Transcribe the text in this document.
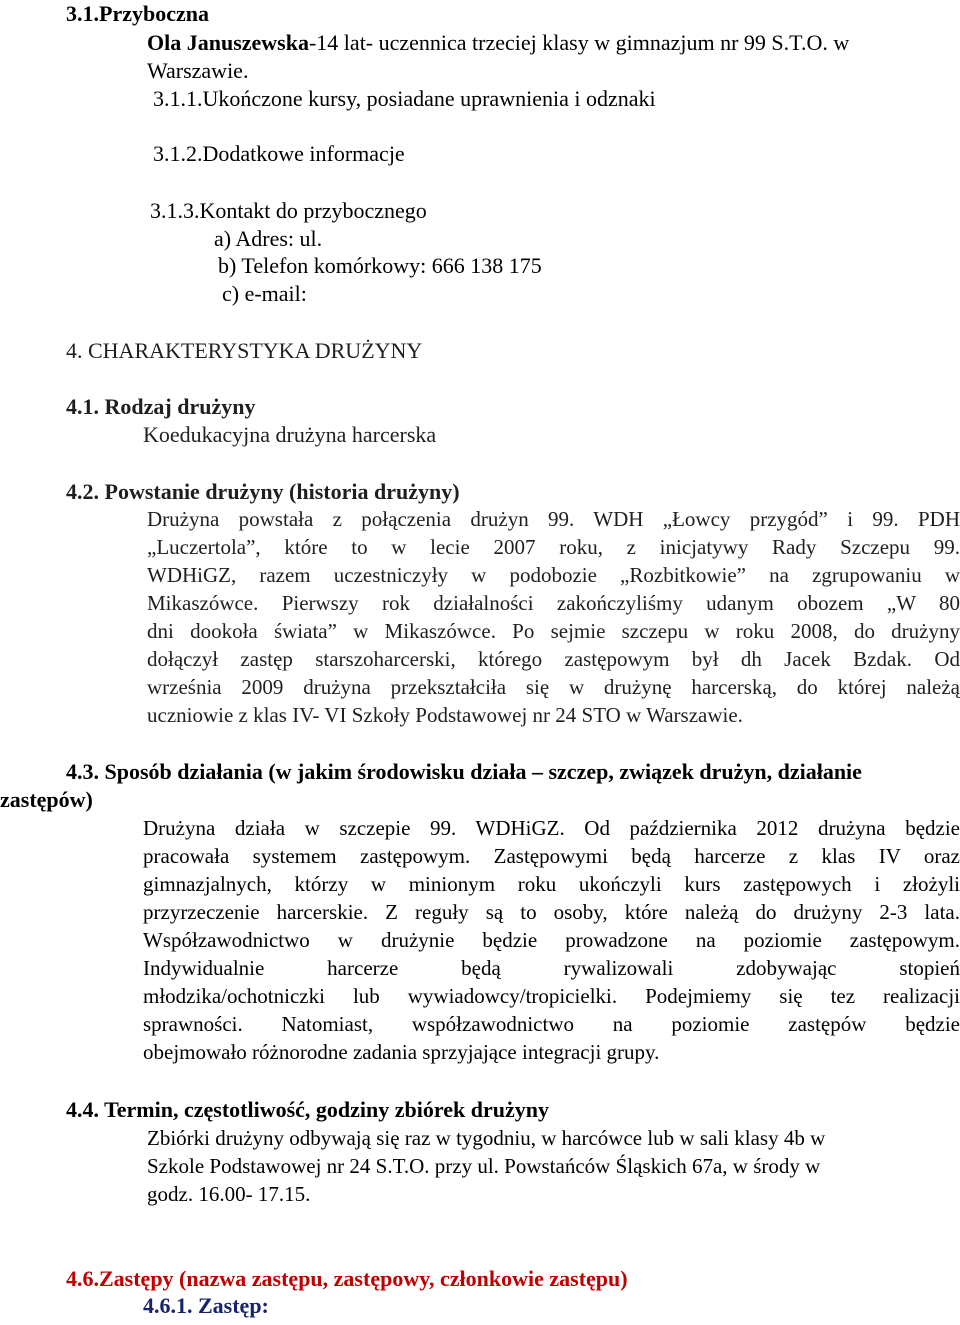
3.1.Przyboczna
Ola Januszewska-14 lat- uczennica trzeciej klasy w gimnazjum nr 99 S.T.O. w
Warszawie.
3.1.1.Ukończone kursy, posiadane uprawnienia i odznaki
3.1.2.Dodatkowe informacje
3.1.3.Kontakt do przybocznego
a) Adres: ul.
b) Telefon komórkowy: 666 138 175
c) e-mail:
4. CHARAKTERYSTYKA DRUŻYNY
4.1. Rodzaj drużyny
Koedukacyjna drużyna harcerska
4.2. Powstanie drużyny (historia drużyny)
Drużyna powstała z połączenia drużyn 99. WDH „Łowcy przygód” i 99. PDH
„Luczertola”, które to w lecie 2007 roku, z inicjatywy Rady Szczepu 99.
WDHiGZ, razem uczestniczyły w podobozie „Rozbitkowie” na zgrupowaniu w
Mikaszówce. Pierwszy rok działalności zakończyliśmy udanym obozem „W 80
dni dookoła świata” w Mikaszówce. Po sejmie szczepu w roku 2008, do drużyny
dołączył zastęp starszoharcerski, którego zastępowym był dh Jacek Bzdak. Od
września 2009 drużyna przekształciła się w drużynę harcerską, do której należą
uczniowie z klas IV- VI Szkoły Podstawowej nr 24 STO w Warszawie.
4.3. Sposób działania (w jakim środowisku działa – szczep, związek drużyn, działanie
zastępów)
Drużyna działa w szczepie 99. WDHiGZ. Od października 2012 drużyna będzie
pracowała systemem zastępowym. Zastępowymi będą harcerze z klas IV oraz
gimnazjalnych, którzy w minionym roku ukończyli kurs zastępowych i złożyli
przyrzeczenie harcerskie. Z reguły są to osoby, które należą do drużyny 2-3 lata.
Współzawodnictwo w drużynie będzie prowadzone na poziomie zastępowym.
Indywidualnie harcerze będą rywalizowali zdobywając stopień
młodzika/ochotniczki lub wywiadowcy/tropicielki. Podejmiemy się tez realizacji
sprawności. Natomiast, współzawodnictwo na poziomie zastępów będzie
obejmowało różnorodne zadania sprzyjające integracji grupy.
4.4. Termin, częstotliwość, godziny zbiórek drużyny
Zbiórki drużyny odbywają się raz w tygodniu, w harcówce lub w sali klasy 4b w
Szkole Podstawowej nr 24 S.T.O. przy ul. Powstańców Śląskich 67a, w środy w
godz. 16.00- 17.15.
4.6.Zastępy (nazwa zastępu, zastępowy, członkowie zastępu)
4.6.1. Zastęp:
